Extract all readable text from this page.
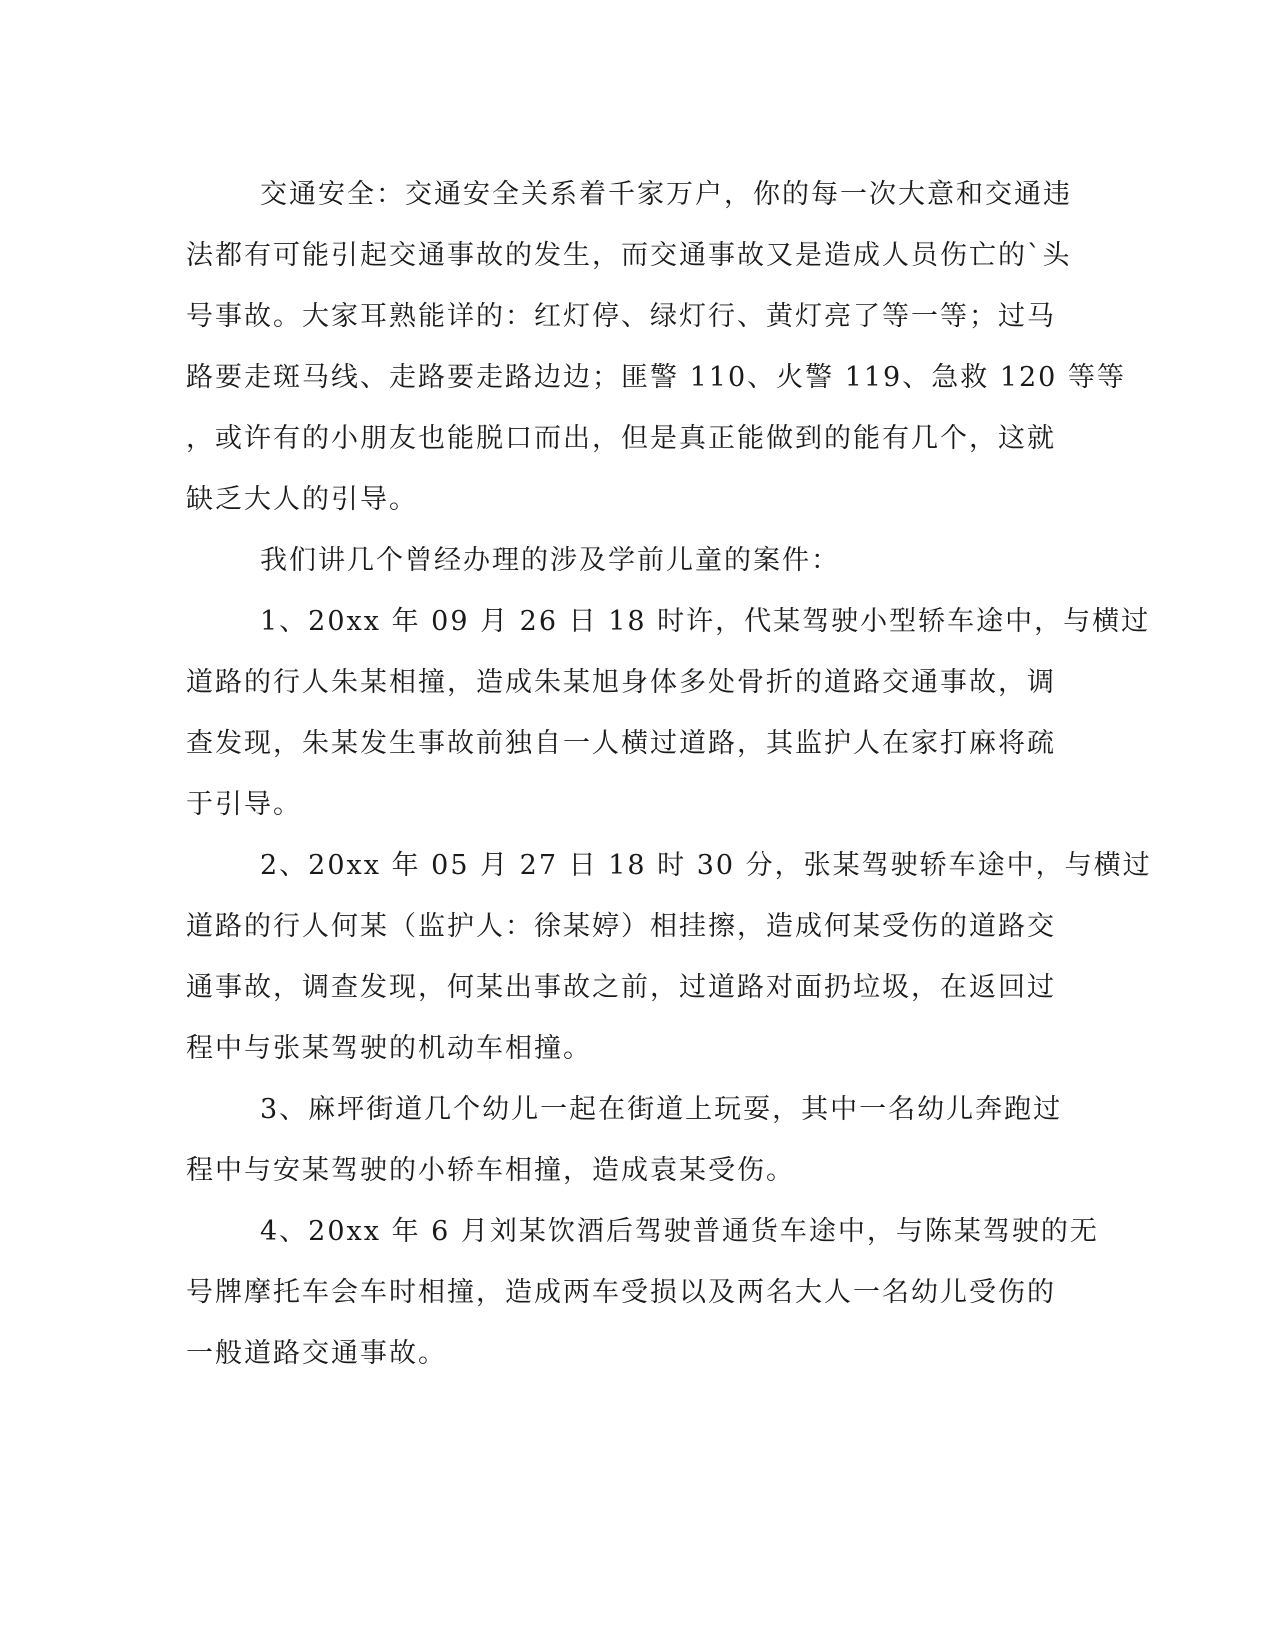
交通安全：交通安全关系着千家万户，你的每一次大意和交通违
法都有可能引起交通事故的发生，而交通事故又是造成人员伤亡的`头
号事故。大家耳熟能详的：红灯停、绿灯行、黄灯亮了等一等；过马
路要走斑马线、走路要走路边边；匪警 110、火警 119、急救 120 等等
，或许有的小朋友也能脱口而出，但是真正能做到的能有几个，这就
缺乏大人的引导。
我们讲几个曾经办理的涉及学前儿童的案件：
1、20xx 年 09 月 26 日 18 时许，代某驾驶小型轿车途中，与横过
道路的行人朱某相撞，造成朱某旭身体多处骨折的道路交通事故，调
查发现，朱某发生事故前独自一人横过道路，其监护人在家打麻将疏
于引导。
2、20xx 年 05 月 27 日 18 时 30 分，张某驾驶轿车途中，与横过
道路的行人何某（监护人：徐某婷）相挂擦，造成何某受伤的道路交
通事故，调查发现，何某出事故之前，过道路对面扔垃圾，在返回过
程中与张某驾驶的机动车相撞。
3、麻坪街道几个幼儿一起在街道上玩耍，其中一名幼儿奔跑过
程中与安某驾驶的小轿车相撞，造成袁某受伤。
4、20xx 年 6 月刘某饮酒后驾驶普通货车途中，与陈某驾驶的无
号牌摩托车会车时相撞，造成两车受损以及两名大人一名幼儿受伤的
一般道路交通事故。
